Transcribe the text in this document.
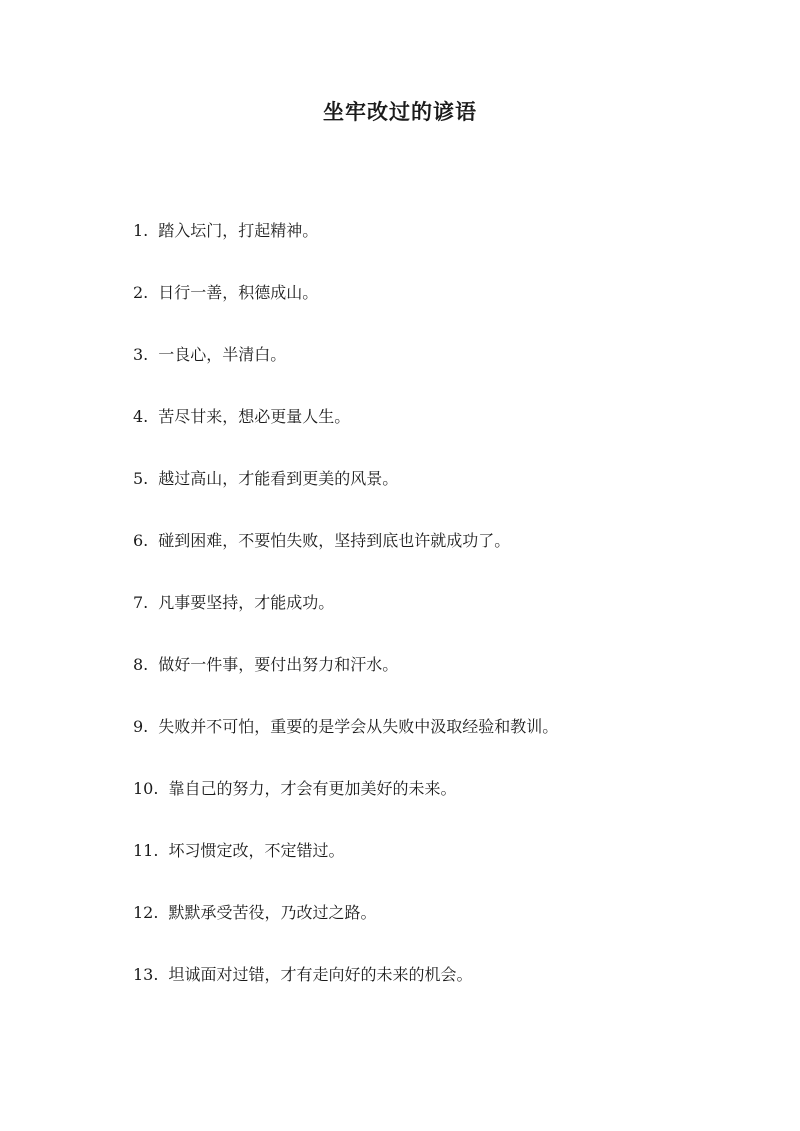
坐牢改过的谚语
1. 踏入坛门，打起精神。
2. 日行一善，积德成山。
3. 一良心，半清白。
4. 苦尽甘来，想必更量人生。
5. 越过高山，才能看到更美的风景。
6. 碰到困难，不要怕失败，坚持到底也许就成功了。
7. 凡事要坚持，才能成功。
8. 做好一件事，要付出努力和汗水。
9. 失败并不可怕，重要的是学会从失败中汲取经验和教训。
10. 靠自己的努力，才会有更加美好的未来。
11. 坏习惯定改，不定错过。
12. 默默承受苦役，乃改过之路。
13. 坦诚面对过错，才有走向好的未来的机会。
